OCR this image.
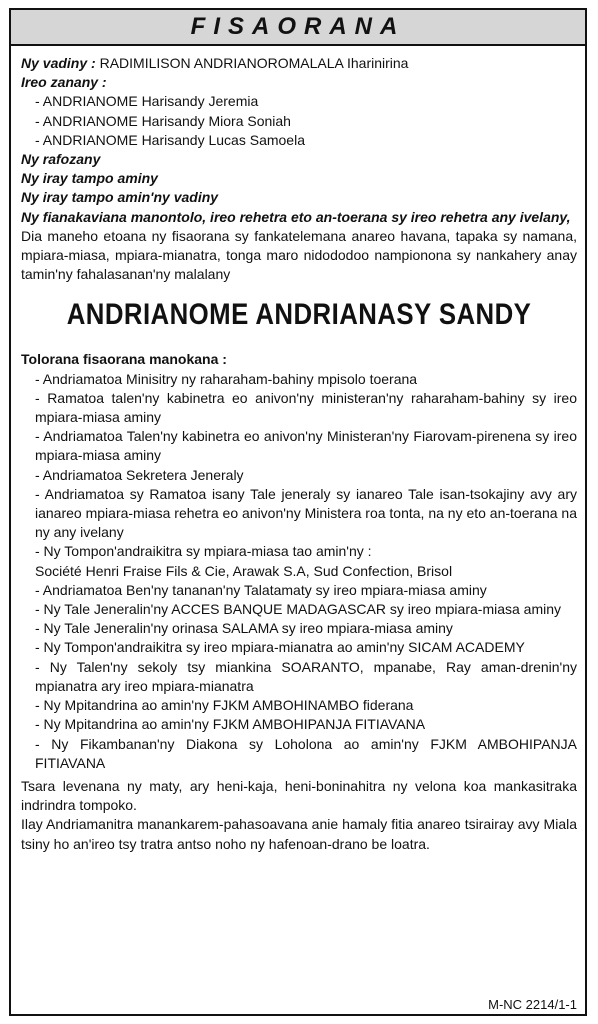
FISAORANA
Ny vadiny : RADIMILISON ANDRIANOROMALALA Iharinirina
Ireo zanany :
- ANDRIANOME Harisandy Jeremia
- ANDRIANOME Harisandy Miora Soniah
- ANDRIANOME Harisandy Lucas Samoela
Ny rafozany
Ny iray tampo aminy
Ny iray tampo amin'ny vadiny
Ny fianakaviana manontolo, ireo rehetra eto an-toerana sy ireo rehetra any ivelany,
Dia maneho etoana ny fisaorana sy fankatelemana anareo havana, tapaka sy namana, mpiara-miasa, mpiara-mianatra, tonga maro nidododoo nampionona sy nankahery anay tamin'ny fahalasanan'ny malalany
ANDRIANOME ANDRIANASY SANDY
Tolorana fisaorana manokana :
- Andriamatoa Minisitry ny raharaham-bahiny mpisolo toerana
- Ramatoa talen'ny kabinetra eo anivon'ny ministeran'ny raharaham-bahiny sy ireo mpiara-miasa aminy
- Andriamatoa Talen'ny kabinetra eo anivon'ny Ministeran'ny Fiarovam-pirenena sy ireo mpiara-miasa aminy
- Andriamatoa Sekretera Jeneraly
- Andriamatoa sy Ramatoa isany Tale jeneraly sy ianareo Tale isan-tsokajiny avy ary ianareo mpiara-miasa rehetra eo anivon'ny Ministera roa tonta, na ny eto an-toerana na ny any ivelany
- Ny Tompon'andraikitra sy mpiara-miasa tao amin'ny :
Société Henri Fraise Fils & Cie, Arawak S.A, Sud Confection, Brisol
- Andriamatoa Ben'ny tananan'ny Talatamaty sy ireo mpiara-miasa aminy
- Ny Tale Jeneralin'ny ACCES BANQUE MADAGASCAR sy ireo mpiara-miasa aminy
- Ny Tale Jeneralin'ny orinasa SALAMA sy ireo mpiara-miasa aminy
- Ny Tompon'andraikitra sy ireo mpiara-mianatra ao amin'ny SICAM ACADEMY
- Ny Talen'ny sekoly tsy miankina SOARANTO, mpanabe, Ray aman-drenin'ny mpianatra ary ireo mpiara-mianatra
- Ny Mpitandrina ao amin'ny FJKM AMBOHINAMBO fiderana
- Ny Mpitandrina ao amin'ny FJKM AMBOHIPANJA FITIAVANA
- Ny Fikambanan'ny Diakona sy Loholona ao amin'ny FJKM AMBOHIPANJA FITIAVANA
Tsara levenana ny maty, ary heni-kaja, heni-boninahitra ny velona koa mankasitraka indrindra tompoko.
Ilay Andriamanitra manankarem-pahasoavana anie hamaly fitia anareo tsirairay avy Miala tsiny ho an'ireo tsy tratra antso noho ny hafenoan-drano be loatra.
M-NC 2214/1-1
